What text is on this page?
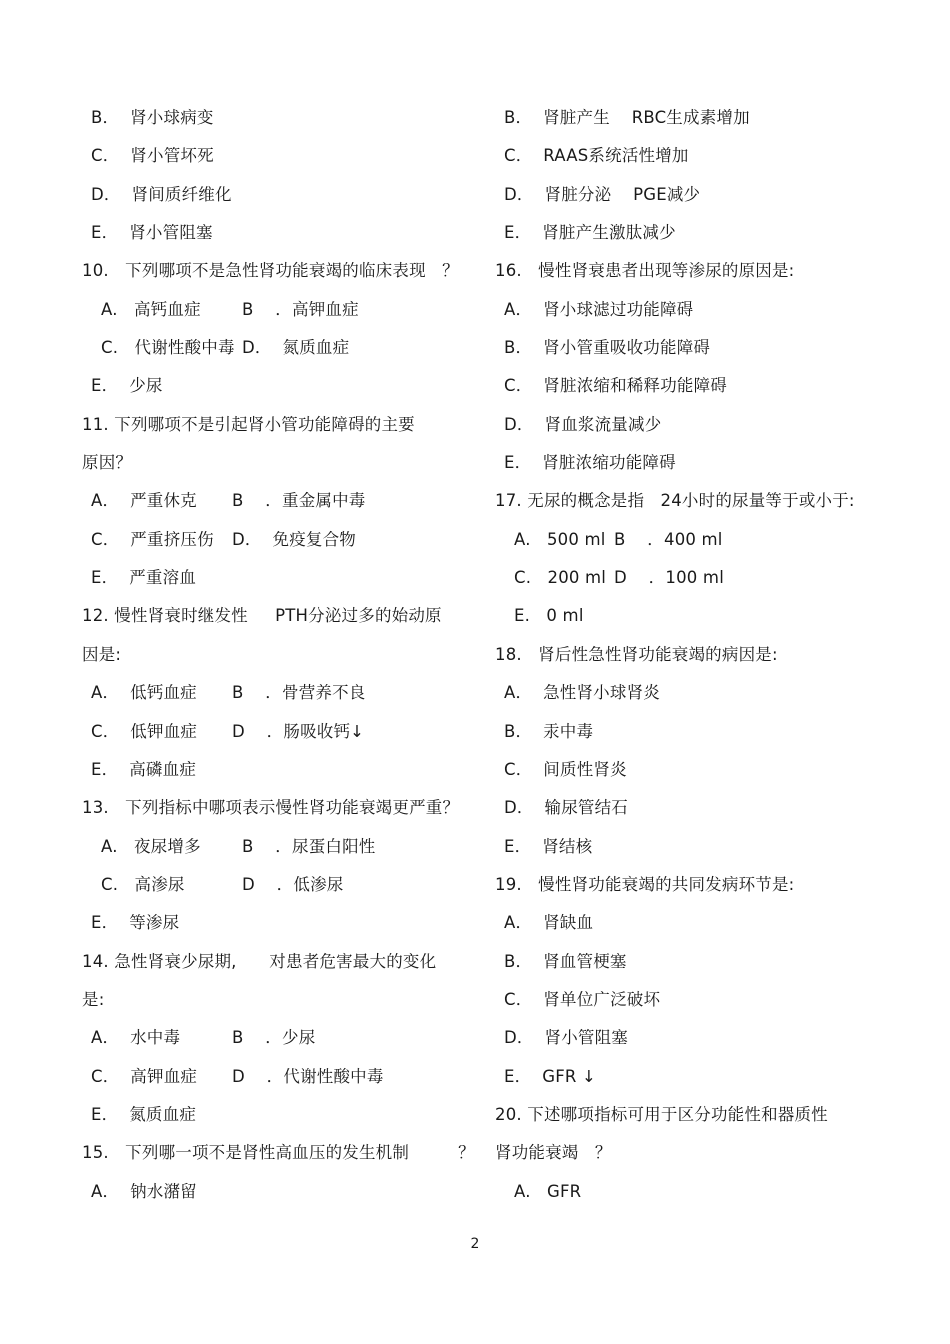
B．  肾小球病变
C．  肾小管坏死
D．  肾间质纤维化
E．  肾小管阻塞
10.   下列哪项不是急性肾功能衰竭的临床表现   ？
A.   高钙血症	B    ．高钾血症
C.   代谢性酸中毒 D．  氮质血症
E．  少尿
11. 下列哪项不是引起肾小管功能障碍的主要
原因？
A．  严重休克	B    ．重金属中毒
C．  严重挤压伤	D．  免疫复合物
E．  严重溶血
12. 慢性肾衰时继发性     PTH分泌过多的始动原
因是:
A．  低钙血症	B    ．骨营养不良
C．  低钾血症	D    ．肠吸收钙↓
E．  高磷血症
13.   下列指标中哪项表示慢性肾功能衰竭更严重？
A.   夜尿增多	B    ．尿蛋白阳性
C.   高渗尿	D    ．低渗尿
E．  等渗尿
14. 急性肾衰少尿期,      对患者危害最大的变化
是:
A．  水中毒	B    ．少尿
C．  高钾血症	D    ．代谢性酸中毒
E．  氮质血症
15.   下列哪一项不是肾性高血压的发生机制         ？
A．  钠水潴留
B．  肾脏产生    RBC生成素增加
C．  RAAS系统活性增加
D．  肾脏分泌    PGE减少
E．  肾脏产生激肽减少
16.   慢性肾衰患者出现等渗尿的原因是:
A．  肾小球滤过功能障碍
B．  肾小管重吸收功能障碍
C．  肾脏浓缩和稀释功能障碍
D．  肾血浆流量减少
E．  肾脏浓缩功能障碍
17. 无尿的概念是指   24小时的尿量等于或小于:
A.   500 ml B    ．400 ml
C.   200 ml D    ．100 ml
E.   0 ml
18.   肾后性急性肾功能衰竭的病因是:
A．  急性肾小球肾炎
B．  汞中毒
C．  间质性肾炎
D．  输尿管结石
E．  肾结核
19.   慢性肾功能衰竭的共同发病环节是:
A．  肾缺血
B．  肾血管梗塞
C．  肾单位广泛破坏
D．  肾小管阻塞
E．  GFR ↓
20. 下述哪项指标可用于区分功能性和器质性
肾功能衰竭   ？
A.   GFR
2
